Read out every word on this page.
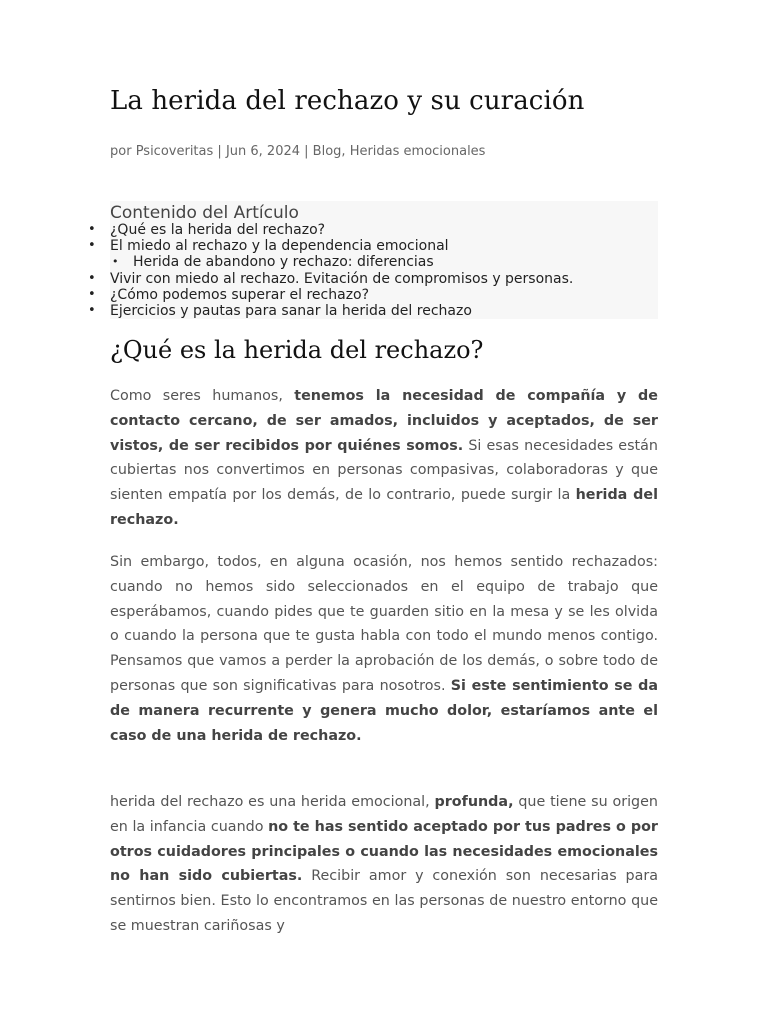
La herida del rechazo y su curación
por Psicoveritas | Jun 6, 2024 | Blog, Heridas emocionales

Contenido del Artículo

• ¿Qué es la herida del rechazo?
• El miedo al rechazo y la dependencia emocional
• Herida de abandono y rechazo: diferencias
• Vivir con miedo al rechazo. Evitación de compromisos y personas.
• ¿Cómo podemos superar el rechazo?
• Ejercicios y pautas para sanar la herida del rechazo
¿Qué es la herida del rechazo?

Como seres humanos, tenemos la necesidad de compañía y de contacto cercano, de ser amados, incluidos y aceptados, de ser vistos, de ser recibidos por quiénes somos. Si esas necesidades están cubiertas nos convertimos en personas compasivas, colaboradoras y que sienten empatía por los demás, de lo contrario, puede surgir la herida del rechazo.

Sin embargo, todos, en alguna ocasión, nos hemos sentido rechazados: cuando no hemos sido seleccionados en el equipo de trabajo que esperábamos, cuando pides que te guarden sitio en la mesa y se les olvida o cuando la persona que te gusta habla con todo el mundo menos contigo. Pensamos que vamos a perder la aprobación de los demás, o sobre todo de personas que son significativas para nosotros. Si este sentimiento se da de manera recurrente y genera mucho dolor, estaríamos ante el caso de una herida de rechazo.

herida del rechazo es una herida emocional, profunda, que tiene su origen en la infancia cuando no te has sentido aceptado por tus padres o por otros cuidadores principales o cuando las necesidades emocionales no han sido cubiertas. Recibir amor y conexión son necesarias para sentirnos bien. Esto lo encontramos en las personas de nuestro entorno que se muestran cariñosas y
